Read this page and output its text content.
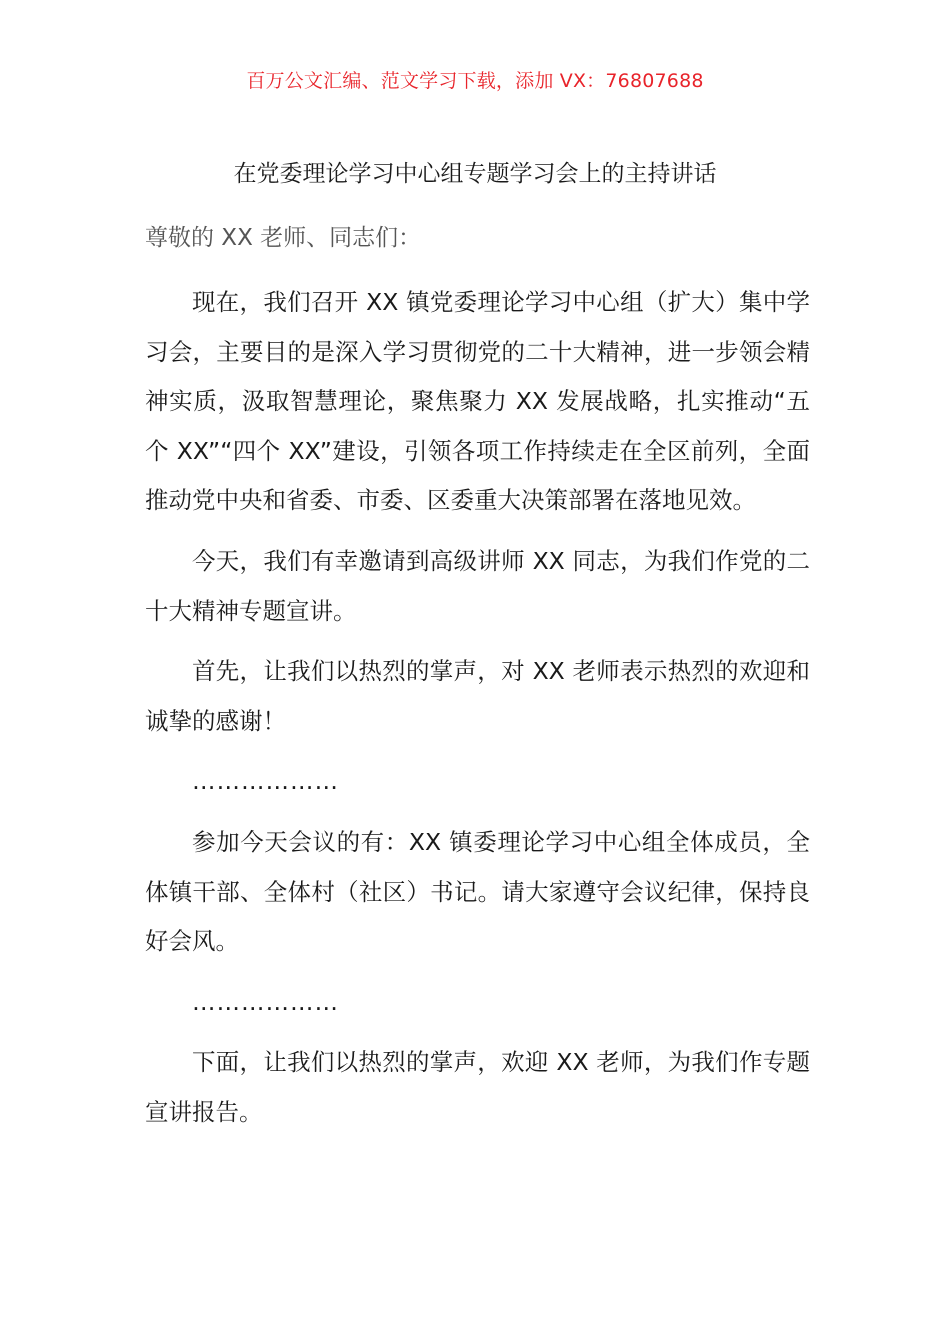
百万公文汇编、范文学习下载，添加 VX：76807688
在党委理论学习中心组专题学习会上的主持讲话
尊敬的 XX 老师、同志们：

现在，我们召开 XX 镇党委理论学习中心组（扩大）集中学习会，主要目的是深入学习贯彻党的二十大精神，进一步领会精神实质，汲取智慧理论，聚焦聚力 XX 发展战略，扎实推动“五个 XX”“四个 XX”建设，引领各项工作持续走在全区前列，全面推动党中央和省委、市委、区委重大决策部署在落地见效。

今天，我们有幸邀请到高级讲师 XX 同志，为我们作党的二十大精神专题宣讲。

首先，让我们以热烈的掌声，对 XX 老师表示热烈的欢迎和诚挚的感谢！

………………

参加今天会议的有：XX 镇委理论学习中心组全体成员，全体镇干部、全体村（社区）书记。请大家遵守会议纪律，保持良好会风。

………………

下面，让我们以热烈的掌声，欢迎 XX 老师，为我们作专题宣讲报告。
